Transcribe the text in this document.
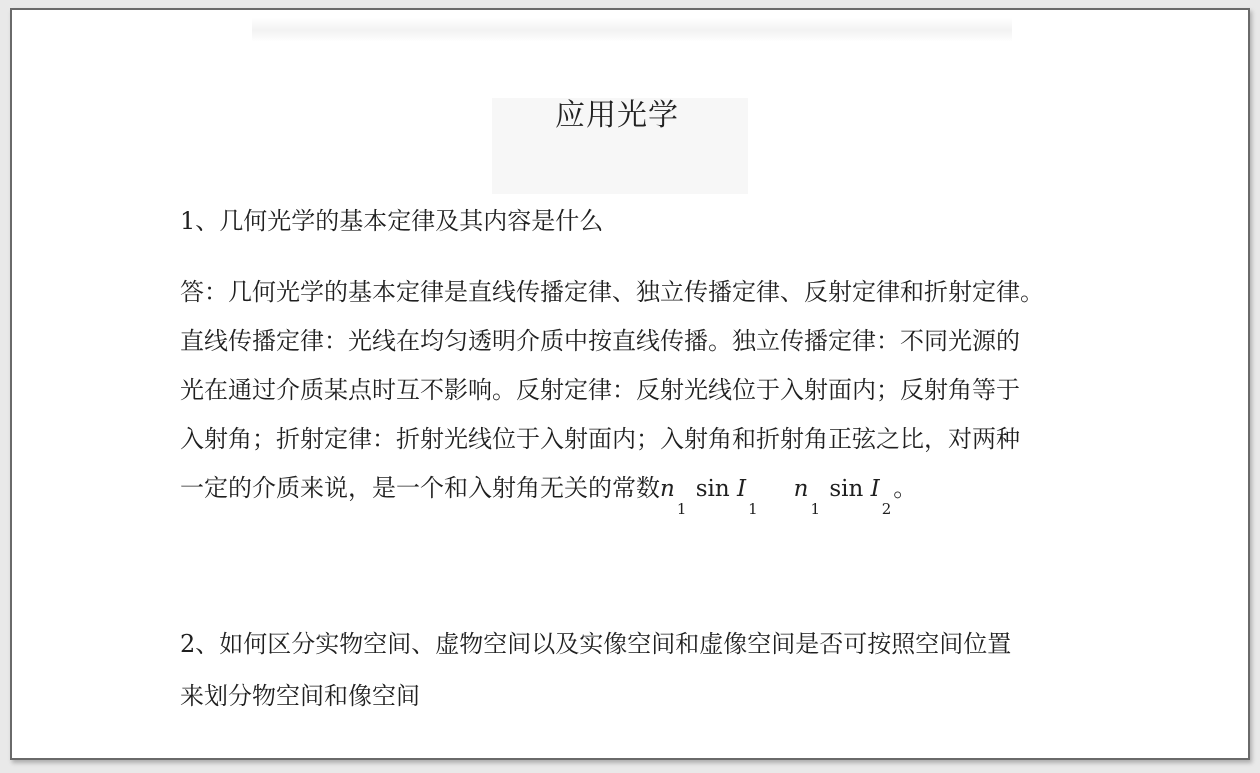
应用光学

1、几何光学的基本定律及其内容是什么

答：几何光学的基本定律是直线传播定律、独立传播定律、反射定律和折射定律。

直线传播定律：光线在均匀透明介质中按直线传播。独立传播定律：不同光源的

光在通过介质某点时互不影响。反射定律：反射光线位于入射面内；反射角等于

入射角；折射定律：折射光线位于入射面内；入射角和折射角正弦之比，对两种

一定的介质来说，是一个和入射角无关的常数$n_1$ $\sin I_1n_1$ $\sin I_2$。

2、如何区分实物空间、虚物空间以及实像空间和虚像空间是否可按照空间位置

来划分物空间和像空间
